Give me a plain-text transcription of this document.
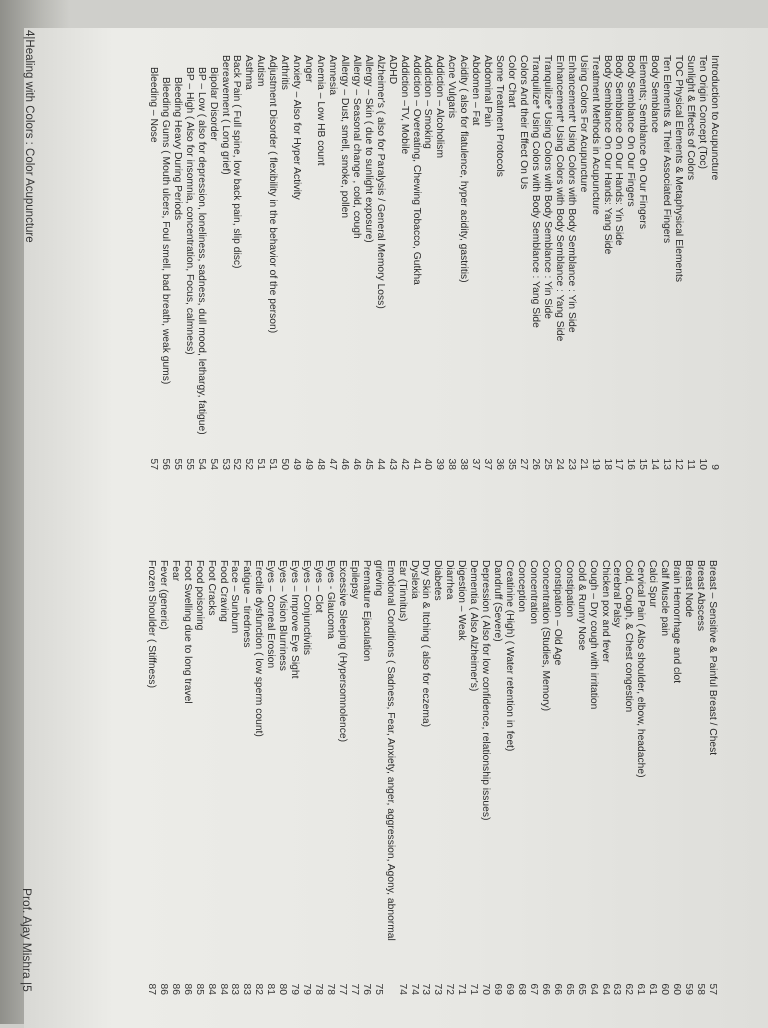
Introduction to Acupuncture
Ten Origin Concept (Toc)
Sunlight & Effects of Colors
TOC Physical Elements & Metaphysical Elements
Ten Elements & Their Associated Fingers
Body Semblance
Elements; Semblance On Our Fingers
Body Semblance On Our Fingers
Body Semblance On Our Hands: Yin Side
Body Semblance On Our Hands: Yang Side
Treatment Methods in Acupuncture
Using Colors For Acupuncture
Enhancement* Using Colors with Body Semblance : Yin Side
Enhancement* Using Colors with Body Semblance : Yang Side
Tranquilize* Using Colors with Body Semblance : Yin Side
Tranquilize* Using Colors with Body Semblance : Yang Side
Colors And their Effect On Us
Color Chart
Some Treatment Protocols
Abdominal Pain
Abdomen – Fat
Acidity ( also for flatulence, hyper acidity, gastritis)
Acne Vulgaris
Addiction – Alcoholism
Addiction – Smoking
Addiction – Overeating, Chewing Tobacco, Gutkha
Addiction –TV, Mobile
ADHD
Alzheimer's ( also for Paralysis / General Memory Loss)
Allergy – Skin ( due to sunlight exposure)
Allergy – Seasonal change , cold, cough
Allergy – Dust, smell, smoke, pollen
Amnesia
Anemia – Low HB count
Anger
Anxiety – Also for Hyper Activity
Arthritis
Adjustment Disorder ( flexibility in the behavior of the person)
Autism
Asthma
Back Pain ( Full spine, low back pain, slip disc)
Bereavement ( Long grief)
Bipolar Disorder
BP – Low ( also for depression, loneliness, sadness, dull mood, lethargy, fatigue)
BP – High ( Also for insomnia, concentration, Focus, calmness)
Bleeding Heavy During Periods
Bleeding Gums ( Mouth ulcers, Foul smell, bad breath, weak gums)
Bleeding – Nose
9
10
11
12
13
14
15
16
17
18
19
21
23
24
25
26
27
35
36
37
37
38
38
39
40
41
42
43
44
45
46
46
47
48
49
49
50
51
51
52
52
53
54
54
55
55
56
57
Breast – Sensitive & Painful Breast / Chest
Breast Abscess
Breast Node
Brain Hemorrhage and clot
Calf Muscle pain
Calci Spur
Cervical Pain ( Also shoulder, elbow, headache)
Cold, Cough, & Chest congestion
Cerebral Palsy
Chicken pox and fever
Cough – Dry cough with irritation
Cold & Runny Nose
Constipation
Constipation – Old Age
Concentration (Studies, Memory)
Concentration
Conception
Creatinine (High) ( Water retention in feet)
Dandruff (Severe)
Depression ( Also for low confidence, relationship issues)
Dementia ( Also Alzheimer's)
Digestion – Weak
Diarrhea
Diabetes
Dry Skin & Itching ( also for eczema)
Dyslexia
Ear (Tinnitus)
Emotional Conditions ( Sadness, Fear, Anxiety, anger, aggression, Agony, abnormal
grieving
Premature Ejaculation
Epilepsy
Excessive Sleeping (Hypersomnolence)
Eyes - Glaucoma
Eyes – Clot
Eyes – Conjunctivitis
Eyes – Improve Eye Sight
Eyes – Vision Blurriness
Eyes – Corneal Erosion
Erectile dysfunction ( low sperm count)
Fatigue – tiredness
Face – Sunburn
Food Craving
Foot Cracks
Food poisoning
Foot Swelling due to long travel
Fear
Fever (generic)
Frozen Shoulder ( Stiffness)
57
58
59
60
60
61
61
62
63
64
64
65
65
66
66
67
68
69
69
70
71
71
72
73
73
74
74
75
76
77
77
78
78
79
79
80
81
82
83
83
84
84
85
86
86
86
87
4|Healing with Colors : Color Acupuncture
Prof. Ajay Mishra |5
